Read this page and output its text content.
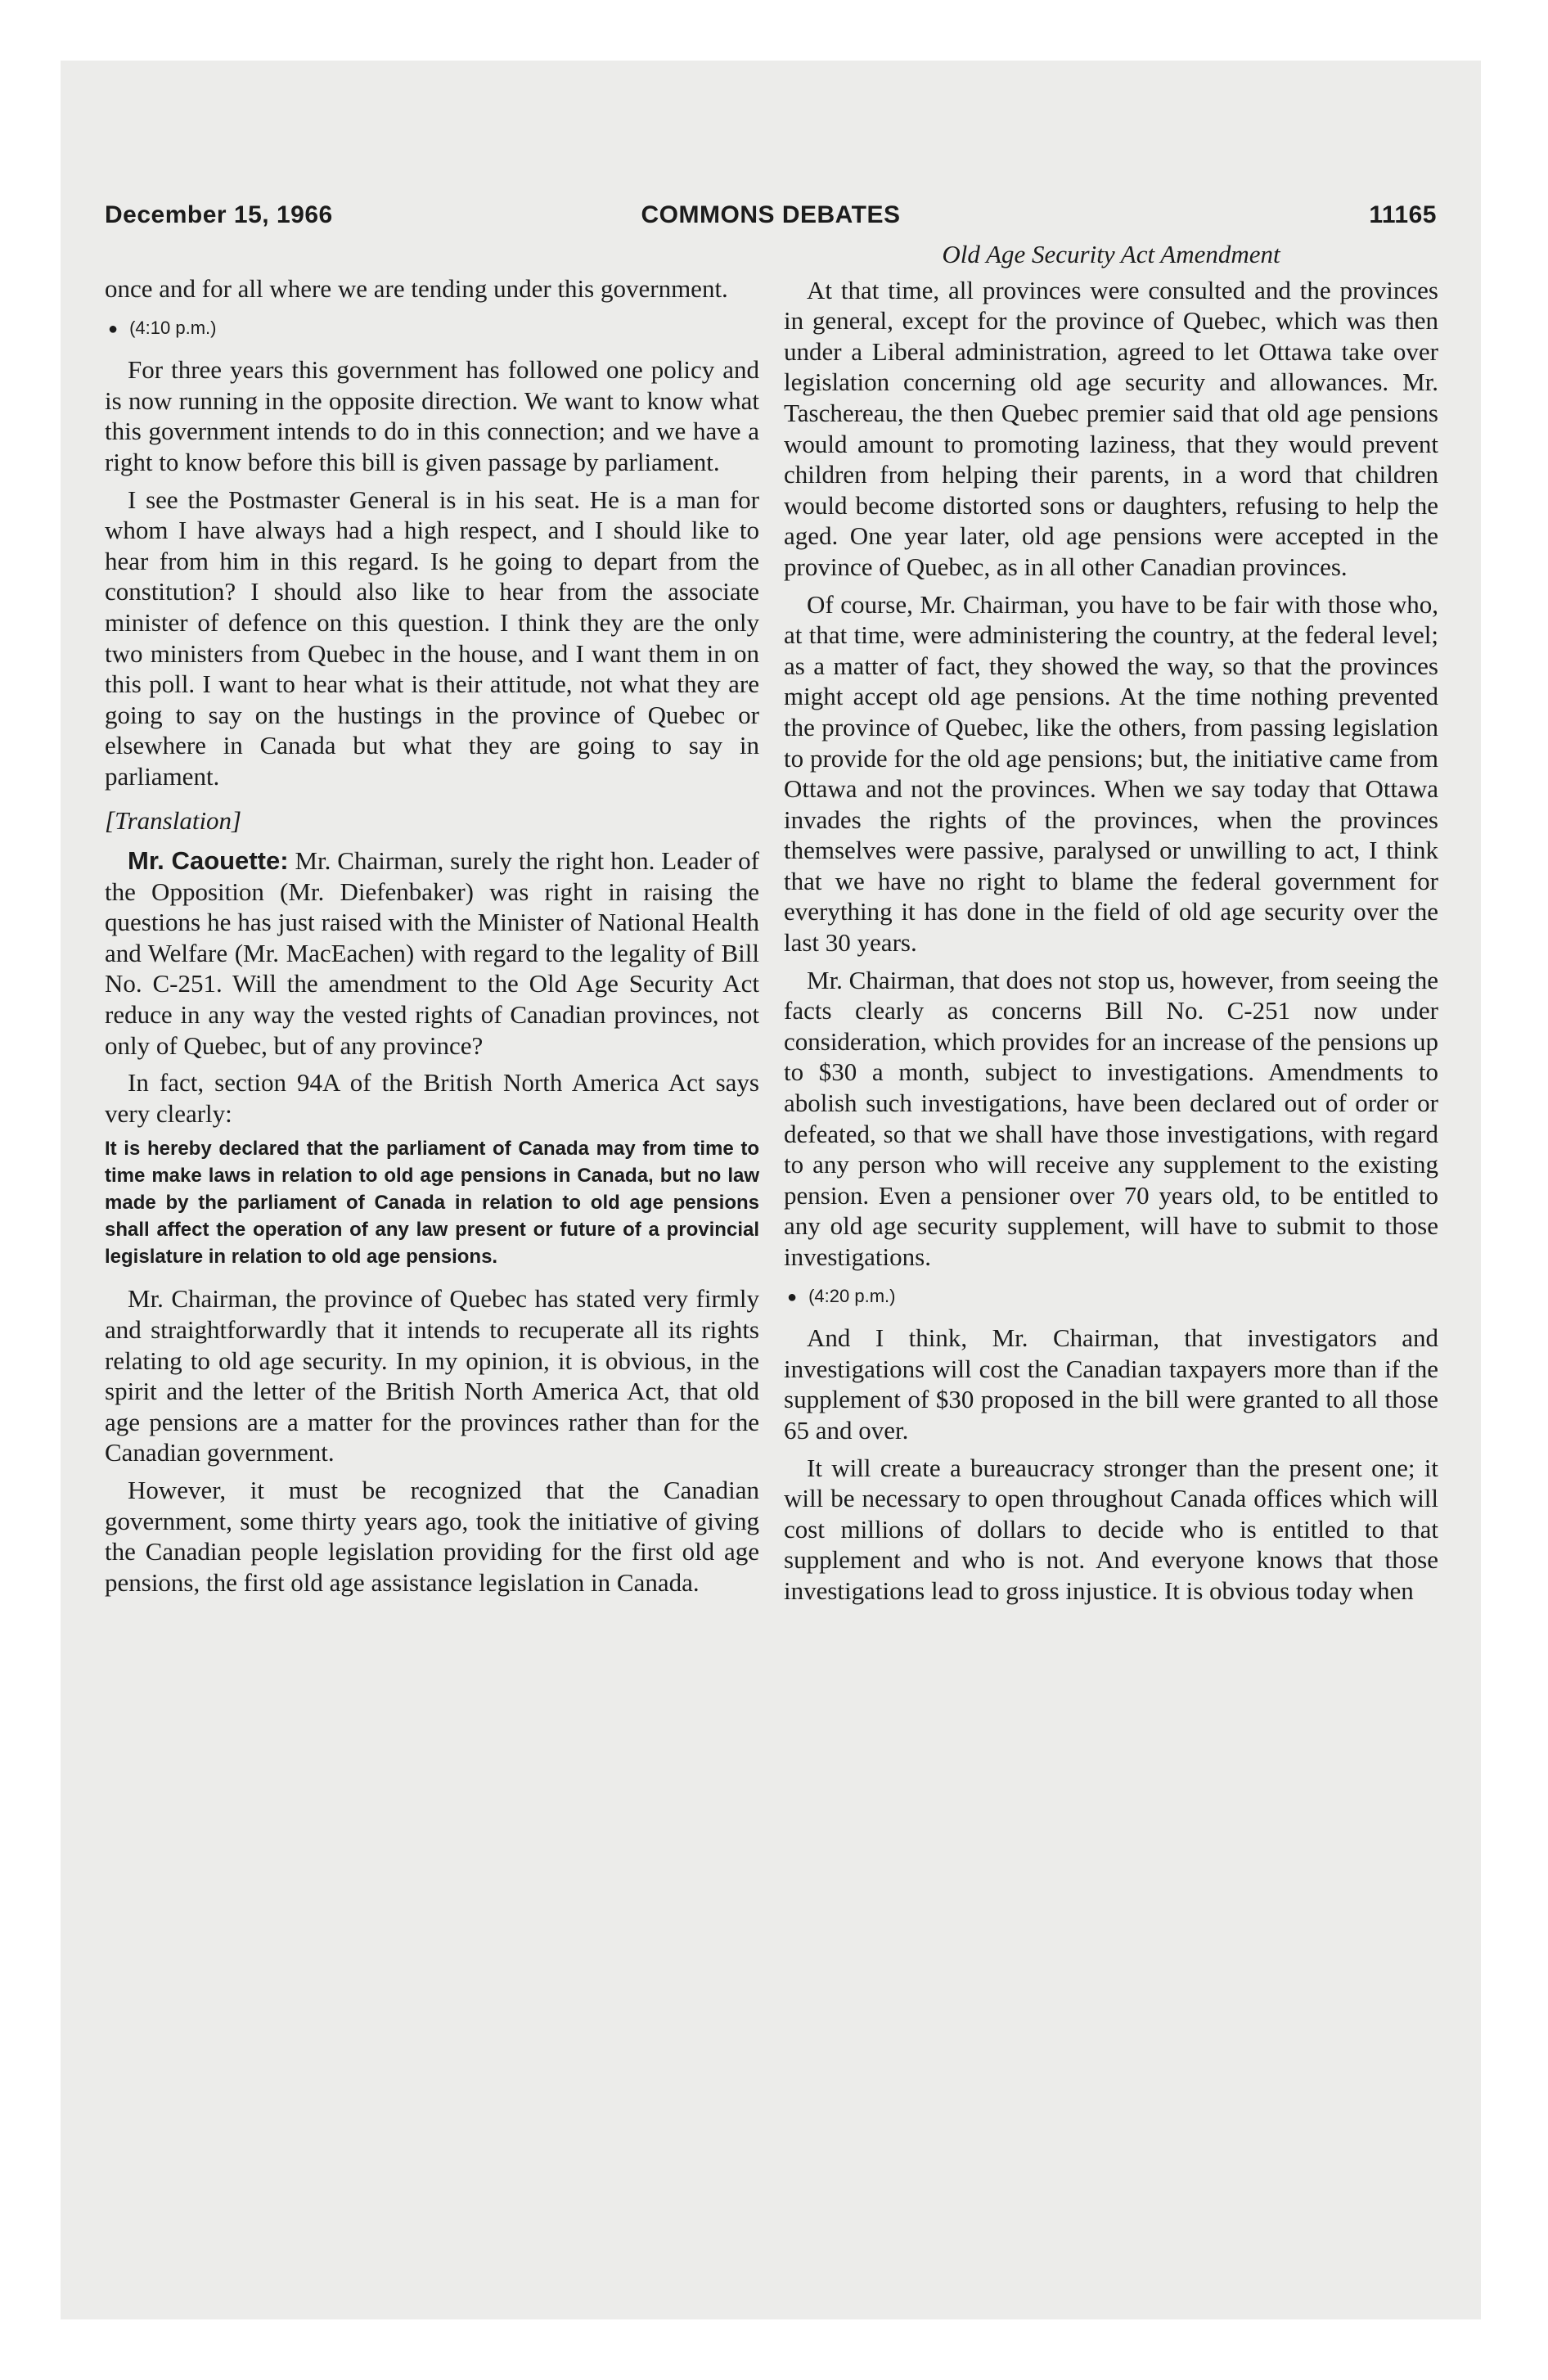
December 15, 1966	COMMONS DEBATES	11165

once and for all where we are tending under this government.

● (4:10 p.m.)

For three years this government has followed one policy and is now running in the opposite direction. We want to know what this government intends to do in this connection; and we have a right to know before this bill is given passage by parliament.

I see the Postmaster General is in his seat. He is a man for whom I have always had a high respect, and I should like to hear from him in this regard. Is he going to depart from the constitution? I should also like to hear from the associate minister of defence on this question. I think they are the only two ministers from Quebec in the house, and I want them in on this poll. I want to hear what is their attitude, not what they are going to say on the hustings in the province of Quebec or elsewhere in Canada but what they are going to say in parliament.

[Translation]

Mr. Caouette: Mr. Chairman, surely the right hon. Leader of the Opposition (Mr. Diefenbaker) was right in raising the questions he has just raised with the Minister of National Health and Welfare (Mr. MacEachen) with regard to the legality of Bill No. C-251. Will the amendment to the Old Age Security Act reduce in any way the vested rights of Canadian provinces, not only of Quebec, but of any province?

In fact, section 94A of the British North America Act says very clearly:

It is hereby declared that the parliament of Canada may from time to time make laws in relation to old age pensions in Canada, but no law made by the parliament of Canada in relation to old age pensions shall affect the operation of any law present or future of a provincial legislature in relation to old age pensions.

Mr. Chairman, the province of Quebec has stated very firmly and straightforwardly that it intends to recuperate all its rights relating to old age security. In my opinion, it is obvious, in the spirit and the letter of the British North America Act, that old age pensions are a matter for the provinces rather than for the Canadian government.

However, it must be recognized that the Canadian government, some thirty years ago, took the initiative of giving the Canadian people legislation providing for the first old age pensions, the first old age assistance legislation in Canada.

Old Age Security Act Amendment

At that time, all provinces were consulted and the provinces in general, except for the province of Quebec, which was then under a Liberal administration, agreed to let Ottawa take over legislation concerning old age security and allowances. Mr. Taschereau, the then Quebec premier said that old age pensions would amount to promoting laziness, that they would prevent children from helping their parents, in a word that children would become distorted sons or daughters, refusing to help the aged. One year later, old age pensions were accepted in the province of Quebec, as in all other Canadian provinces.

Of course, Mr. Chairman, you have to be fair with those who, at that time, were administering the country, at the federal level; as a matter of fact, they showed the way, so that the provinces might accept old age pensions. At the time nothing prevented the province of Quebec, like the others, from passing legislation to provide for the old age pensions; but, the initiative came from Ottawa and not the provinces. When we say today that Ottawa invades the rights of the provinces, when the provinces themselves were passive, paralysed or unwilling to act, I think that we have no right to blame the federal government for everything it has done in the field of old age security over the last 30 years.

Mr. Chairman, that does not stop us, however, from seeing the facts clearly as concerns Bill No. C-251 now under consideration, which provides for an increase of the pensions up to $30 a month, subject to investigations. Amendments to abolish such investigations, have been declared out of order or defeated, so that we shall have those investigations, with regard to any person who will receive any supplement to the existing pension. Even a pensioner over 70 years old, to be entitled to any old age security supplement, will have to submit to those investigations.

● (4:20 p.m.)

And I think, Mr. Chairman, that investigators and investigations will cost the Canadian taxpayers more than if the supplement of $30 proposed in the bill were granted to all those 65 and over.

It will create a bureaucracy stronger than the present one; it will be necessary to open throughout Canada offices which will cost millions of dollars to decide who is entitled to that supplement and who is not. And everyone knows that those investigations lead to gross injustice. It is obvious today when
